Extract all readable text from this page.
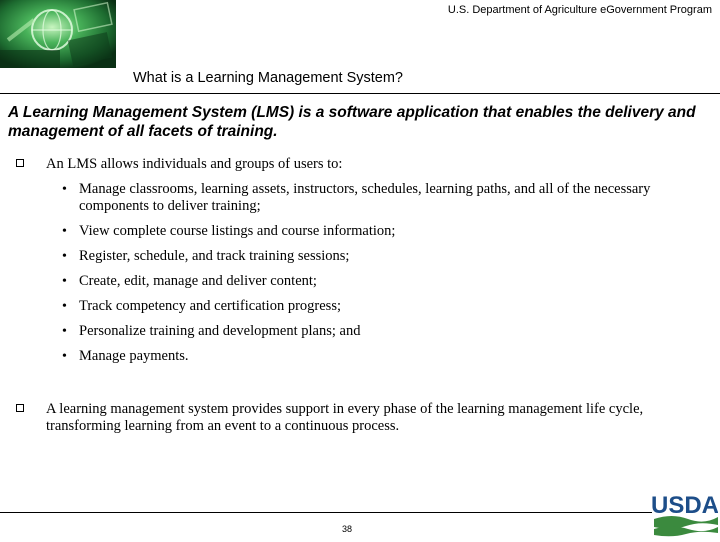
U.S. Department of Agriculture eGovernment Program
What is a Learning Management System?
A Learning Management System (LMS) is a software application that enables the delivery and management of all facets of training.
An LMS allows individuals and groups of users to:
• Manage classrooms, learning assets, instructors, schedules, learning paths, and all of the necessary components to deliver training;
• View complete course listings and course information;
• Register, schedule, and track training sessions;
• Create, edit, manage and deliver content;
• Track competency and certification progress;
• Personalize training and development plans; and
• Manage payments.
A learning management system provides support in every phase of the learning management life cycle, transforming learning from an event to a continuous process.
38
USDA
